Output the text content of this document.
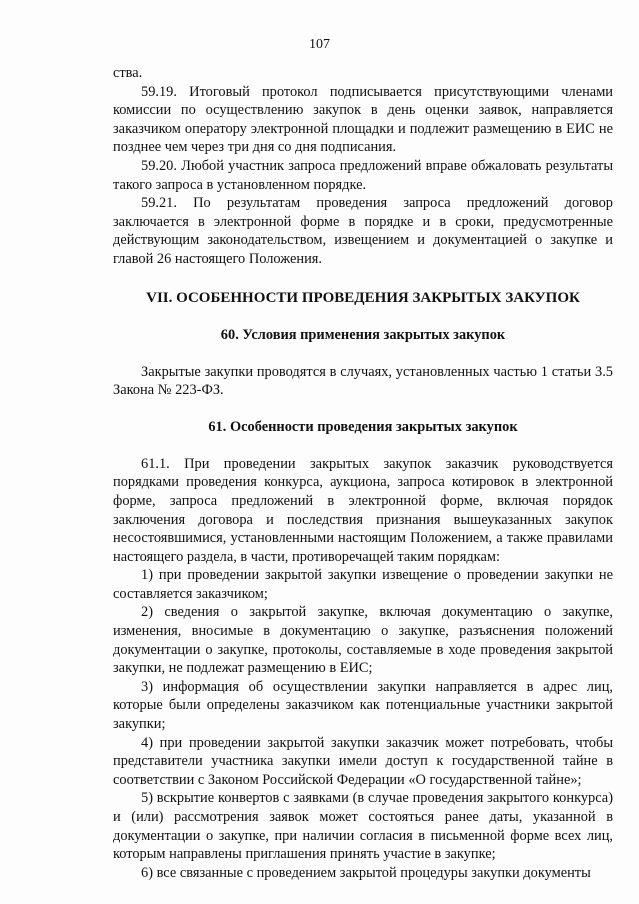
107

ства.

59.19. Итоговый протокол подписывается присутствующими членами комиссии по осуществлению закупок в день оценки заявок, направляется заказчиком оператору электронной площадки и подлежит размещению в ЕИС не позднее чем через три дня со дня подписания.

59.20. Любой участник запроса предложений вправе обжаловать результаты такого запроса в установленном порядке.

59.21. По результатам проведения запроса предложений договор заключается в электронной форме в порядке и в сроки, предусмотренные действующим законодательством, извещением и документацией о закупке и главой 26 настоящего Положения.

VII. ОСОБЕННОСТИ ПРОВЕДЕНИЯ ЗАКРЫТЫХ ЗАКУПОК
60. Условия применения закрытых закупок

Закрытые закупки проводятся в случаях, установленных частью 1 статьи 3.5 Закона № 223-ФЗ.

61. Особенности проведения закрытых закупок

61.1. При проведении закрытых закупок заказчик руководствуется порядками проведения конкурса, аукциона, запроса котировок в электронной форме, запроса предложений в электронной форме, включая порядок заключения договора и последствия признания вышеуказанных закупок несостоявшимися, установленными настоящим Положением, а также правилами настоящего раздела, в части, противоречащей таким порядкам:

1) при проведении закрытой закупки извещение о проведении закупки не составляется заказчиком;

2) сведения о закрытой закупке, включая документацию о закупке, изменения, вносимые в документацию о закупке, разъяснения положений документации о закупке, протоколы, составляемые в ходе проведения закрытой закупки, не подлежат размещению в ЕИС;

3) информация об осуществлении закупки направляется в адрес лиц, которые были определены заказчиком как потенциальные участники закрытой закупки;

4) при проведении закрытой закупки заказчик может потребовать, чтобы представители участника закупки имели доступ к государственной тайне в соответствии с Законом Российской Федерации «О государственной тайне»;

5) вскрытие конвертов с заявками (в случае проведения закрытого конкурса) и (или) рассмотрения заявок может состояться ранее даты, указанной в документации о закупке, при наличии согласия в письменной форме всех лиц, которым направлены приглашения принять участие в закупке;

6) все связанные с проведением закрытой процедуры закупки документы
